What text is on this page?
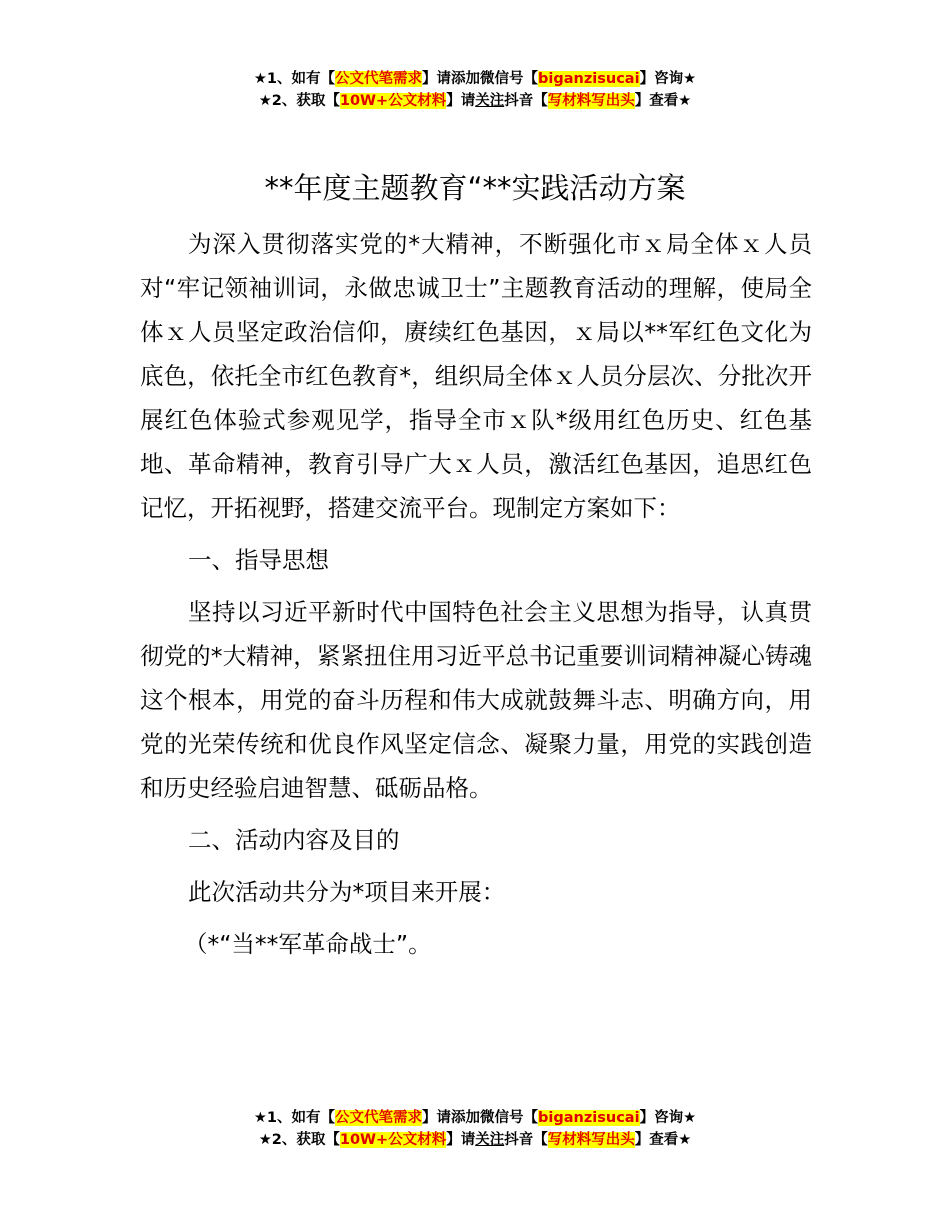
★1、如有【公文代笔需求】请添加微信号【biganzisucai】咨询★
★2、获取【10W+公文材料】请关注抖音【写材料写出头】查看★
**年度主题教育“**实践活动方案

为深入贯彻落实党的*大精神，不断强化市ｘ局全体ｘ人员对“牢记领袖训词，永做忠诚卫士”主题教育活动的理解，使局全体ｘ人员坚定政治信仰，赓续红色基因，ｘ局以**军红色文化为底色，依托全市红色教育*，组织局全体ｘ人员分层次、分批次开展红色体验式参观见学，指导全市ｘ队*级用红色历史、红色基地、革命精神，教育引导广大ｘ人员，激活红色基因，追思红色记忆，开拓视野，搭建交流平台。现制定方案如下：

一、指导思想

坚持以习近平新时代中国特色社会主义思想为指导，认真贯彻党的*大精神，紧紧扭住用习近平总书记重要训词精神凝心铸魂这个根本，用党的奋斗历程和伟大成就鼓舞斗志、明确方向，用党的光荣传统和优良作风坚定信念、凝聚力量，用党的实践创造和历史经验启迪智慧、砥砺品格。

二、活动内容及目的

此次活动共分为*项目来开展：

（*“当**军革命战士”。

★1、如有【公文代笔需求】请添加微信号【biganzisucai】咨询★
★2、获取【10W+公文材料】请关注抖音【写材料写出头】查看★
